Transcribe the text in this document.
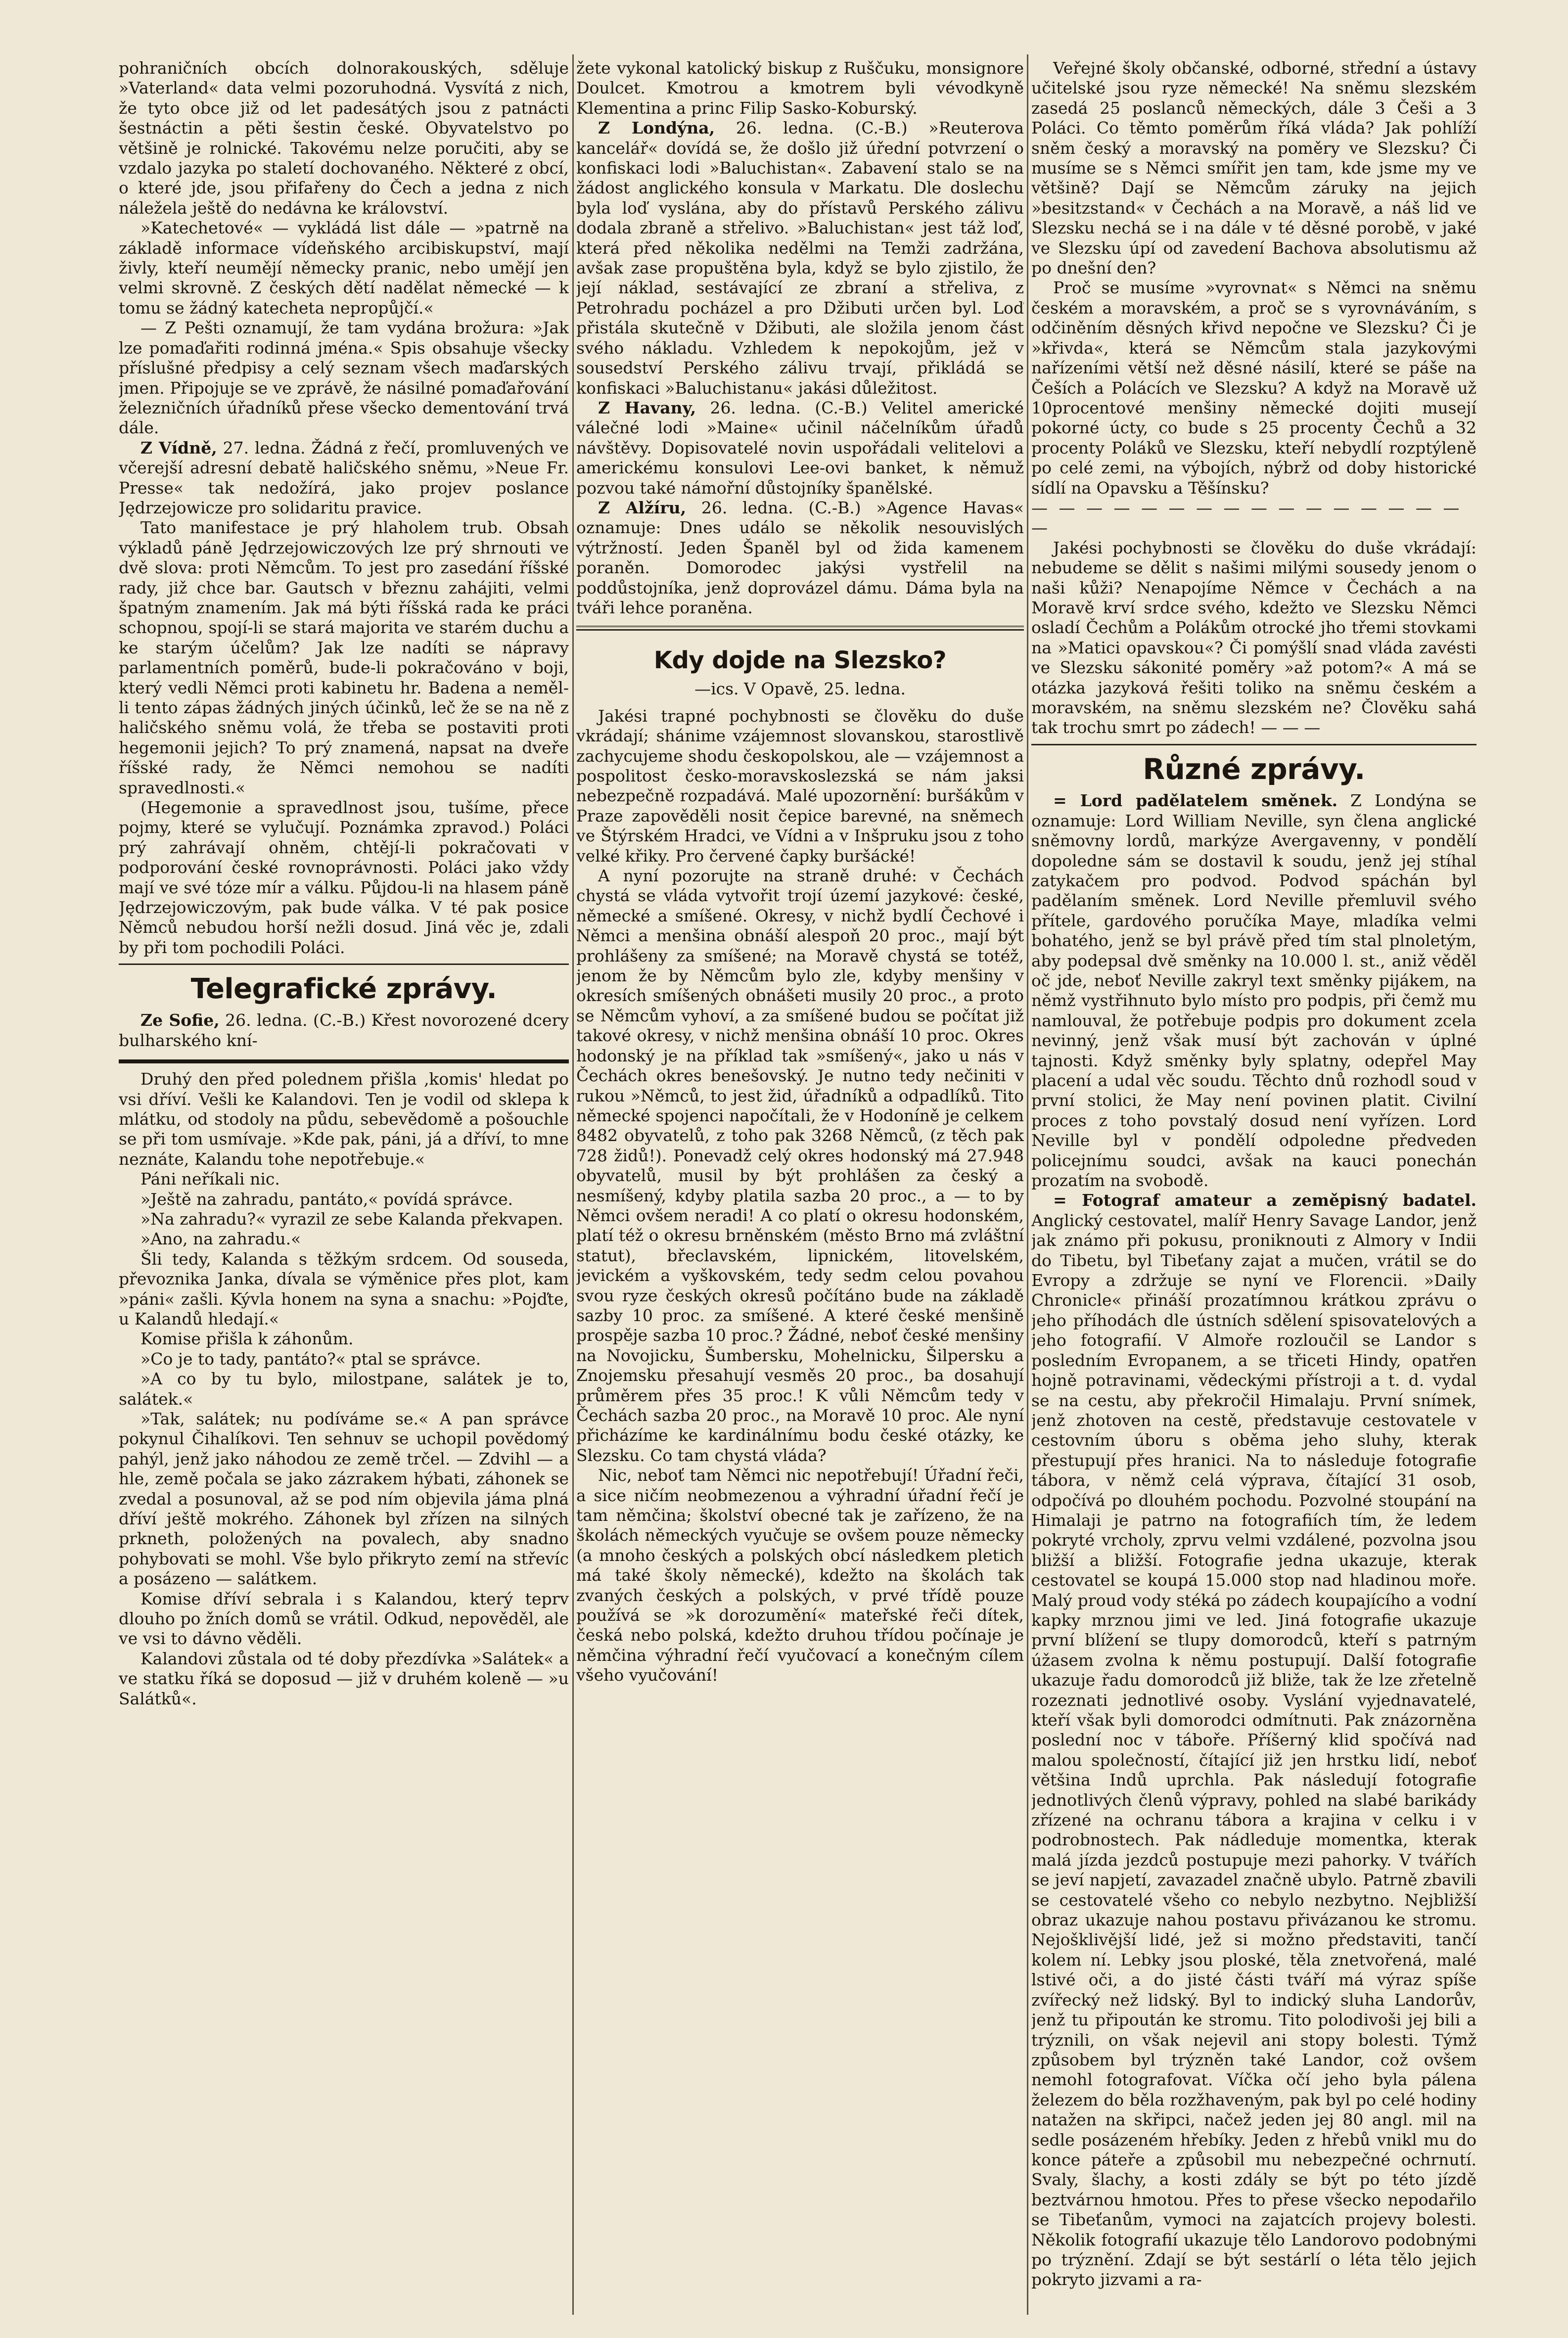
pohraničních obcích dolnorakouských, sděluje »Vaterland« data velmi pozoruhodná. Vysvítá z nich, že tyto obce již od let padesátých jsou z patnácti šestnáctin a pěti šestin české. Obyvatelstvo po většině je rolnické. Takovému nelze poručiti, aby se vzdalo jazyka po staletí dochovaného. Některé z obcí, o které jde, jsou přifařeny do Čech a jedna z nich náležela ještě do nedávna ke království.

»Katechetové« — vykládá list dále — »patrně na základě informace vídeňského arcibiskupství, mají živly, kteří neumějí německy pranic, nebo umějí jen velmi skrovně. Z českých dětí nadělat německé — k tomu se žádný katecheta nepropůjčí.«

— Z Pešti oznamují, že tam vydána brožura: »Jak lze pomaďařiti rodinná jména.« Spis obsahuje všecky příslušné předpisy a celý seznam všech maďarských jmen. Připojuje se ve zprávě, že násilné pomaďařování železničních úřadníků přese všecko dementování trvá dále.

Z Vídně, 27. ledna. Žádná z řečí, promluvených ve včerejší adresní debatě haličského sněmu, »Neue Fr. Presse« tak nedožírá, jako projev poslance Jędrzejowicze pro solidaritu pravice.

Tato manifestace je prý hlaholem trub. Obsah výkladů páně Jędrzejowiczových lze prý shrnouti ve dvě slova: proti Němcům. To jest pro zasedání říšské rady, již chce bar. Gautsch v březnu zahájiti, velmi špatným znamením. Jak má býti říšská rada ke práci schopnou, spojí-li se stará majorita ve starém duchu a ke starým účelům? Jak lze nadíti se nápravy parlamentních poměrů, bude-li pokračováno v boji, který vedli Němci proti kabinetu hr. Badena a neměl-li tento zápas žádných jiných účinků, leč že se na ně z haličského sněmu volá, že třeba se postaviti proti hegemonii jejich? To prý znamená, napsat na dveře říšské rady, že Němci nemohou se nadíti spravedlnosti.«

(Hegemonie a spravedlnost jsou, tušíme, přece pojmy, které se vylučují. Poznámka zpravod.) Poláci prý zahrávají ohněm, chtějí-li pokračovati v podporování české rovnoprávnosti. Poláci jako vždy mají ve své tóze mír a válku. Půjdou-li na hlasem páně Jędrzejowiczovým, pak bude válka. V té pak posice Němců nebudou horší nežli dosud. Jiná věc je, zdali by při tom pochodili Poláci.

Telegrafické zprávy.

Ze Sofie, 26. ledna. (C.-B.) Křest novorozené dcery bulharského kní-

Druhý den před polednem přišla ‚komis' hledat po vsi dříví. Vešli ke Kalandovi. Ten je vodil od sklepa k mlátku, od stodoly na půdu, sebevědomě a pošouchle se při tom usmívaje. »Kde pak, páni, já a dříví, to mne neznáte, Kalandu tohe nepotřebuje.«

Páni neříkali nic.

»Ještě na zahradu, pantáto,« povídá správce.

»Na zahradu?« vyrazil ze sebe Kalanda překvapen.

»Ano, na zahradu.«

Šli tedy, Kalanda s těžkým srdcem. Od souseda, převoznika Janka, dívala se výměnice přes plot, kam »páni« zašli. Kývla honem na syna a snachu: »Pojďte, u Kalandů hledají.«

Komise přišla k záhonům.

»Co je to tady, pantáto?« ptal se správce.

»A co by tu bylo, milostpane, salátek je to, salátek.«

»Tak, salátek; nu podíváme se.« A pan správce pokynul Čihalíkovi. Ten sehnuv se uchopil povědomý pahýl, jenž jako náhodou ze země trčel. — Zdvihl — a hle, země počala se jako zázrakem hýbati, záhonek se zvedal a posunoval, až se pod ním objevila jáma plná dříví ještě mokrého. Záhonek byl zřízen na silných prkneth, položených na povalech, aby snadno pohybovati se mohl. Vše bylo přikryto zemí na střevíc a posázeno — salátkem.

Komise dříví sebrala i s Kalandou, který teprv dlouho po žních domů se vrátil. Odkud, nepověděl, ale ve vsi to dávno věděli.

Kalandovi zůstala od té doby přezdívka »Salátek« a ve statku říká se doposud — již v druhém koleně — »u Salátků«.

žete vykonal katolický biskup z Ruščuku, monsignore Doulcet. Kmotrou a kmotrem byli vévodkyně Klementina a princ Filip Sasko-Koburský.

Z Londýna, 26. ledna. (C.-B.) »Reuterova kancelář« dovídá se, že došlo již úřední potvrzení o konfiskaci lodi »Baluchistan«. Zabavení stalo se na žádost anglického konsula v Markatu. Dle doslechu byla loď vyslána, aby do přístavů Perského zálivu dodala zbraně a střelivo. »Baluchistan« jest táž loď, která před několika nedělmi na Temži zadržána, avšak zase propuštěna byla, když se bylo zjistilo, že její náklad, sestávající ze zbraní a střeliva, z Petrohradu pocházel a pro Džibuti určen byl. Loď přistála skutečně v Džibuti, ale složila jenom část svého nákladu. Vzhledem k nepokojům, jež v sousedství Perského zálivu trvají, přikládá se konfiskaci »Baluchistanu« jakási důležitost.

Z Havany, 26. ledna. (C.-B.) Velitel americké válečné lodi »Maine« učinil náčelníkům úřadů návštěvy. Dopisovatelé novin uspořádali velitelovi a americkému konsulovi Lee-ovi banket, k němuž pozvou také námořní důstojníky španělské.

Z Alžíru, 26. ledna. (C.-B.) »Agence Havas« oznamuje: Dnes událo se několik nesouvislých výtržností. Jeden Španěl byl od žida kamenem poraněn. Domorodec jakýsi vystřelil na poddůstojníka, jenž doprovázel dámu. Dáma byla na tváři lehce poraněna.

Kdy dojde na Slezsko?

—ics. V Opavě, 25. ledna.

Jakési trapné pochybnosti se člověku do duše vkrádají; shánime vzájemnost slovanskou, starostlivě zachycujeme shodu českopolskou, ale — vzájemnost a pospolitost česko-moravskoslezská se nám jaksi nebezpečně rozpadává. Malé upozornění: buršákům v Praze zapověděli nosit čepice barevné, na sněmech ve Štýrském Hradci, ve Vídni a v Inšpruku jsou z toho velké křiky. Pro červené čapky buršácké!

A nyní pozorujte na straně druhé: v Čechách chystá se vláda vytvořit trojí území jazykové: české, německé a smíšené. Okresy, v nichž bydlí Čechové i Němci a menšina obnáší alespoň 20 proc., mají být prohlášeny za smíšené; na Moravě chystá se totéž, jenom že by Němcům bylo zle, kdyby menšiny v okresích smíšených obnášeti musily 20 proc., a proto se Němcům vyhoví, a za smíšené budou se počítat již takové okresy, v nichž menšina obnáší 10 proc. Okres hodonský je na příklad tak »smíšený«, jako u nás v Čechách okres benešovský. Je nutno tedy nečiniti v rukou »Němců, to jest žid, úřadníků a odpadlíků. Tito německé spojenci napočítali, že v Hodoníně je celkem 8482 obyvatelů, z toho pak 3268 Němců, (z těch pak 728 židů!). Ponevadž celý okres hodonský má 27.948 obyvatelů, musil by být prohlášen za český a nesmíšený, kdyby platila sazba 20 proc., a — to by Němci ovšem neradi! A co platí o okresu hodonském, platí též o okresu brněnském (město Brno má zvláštní statut), břeclavském, lipnickém, litovelském, jevickém a vyškovském, tedy sedm celou povahou svou ryze českých okresů počítáno bude na základě sazby 10 proc. za smíšené. A které české menšině prospěje sazba 10 proc.? Žádné, neboť české menšiny na Novojicku, Šumbersku, Mohelnicku, Šilpersku a Znojemsku přesahují vesměs 20 proc., ba dosahují průměrem přes 35 proc.! K vůli Němcům tedy v Čechách sazba 20 proc., na Moravě 10 proc. Ale nyní přicházíme ke kardinálnímu bodu české otázky, ke Slezsku. Co tam chystá vláda?

Nic, neboť tam Němci nic nepotřebují! Úřadní řeči, a sice ničím neobmezenou a výhradní úřadní řečí je tam němčina; školství obecné tak je zařízeno, že na školách německých vyučuje se ovšem pouze německy (a mnoho českých a polských obcí následkem pletich má také školy německé), kdežto na školách tak zvaných českých a polských, v prvé třídě pouze používá se »k dorozumění« mateřské řeči dítek, česká nebo polská, kdežto druhou třídou počínaje je němčina výhradní řečí vyučovací a konečným cílem všeho vyučování!

Veřejné školy občanské, odborné, střední a ústavy učitelské jsou ryze německé! Na sněmu slezském zasedá 25 poslanců německých, dále 3 Češi a 3 Poláci. Co těmto poměrům říká vláda? Jak pohlíží sněm český a moravský na poměry ve Slezsku? Či musíme se s Němci smířit jen tam, kde jsme my ve většině? Dají se Němcům záruky na jejich »besitzstand« v Čechách a na Moravě, a náš lid ve Slezsku nechá se i na dále v té děsné porobě, v jaké ve Slezsku úpí od zavedení Bachova absolutismu až po dnešní den?

Proč se musíme »vyrovnat« s Němci na sněmu českém a moravském, a proč se s vyrovnáváním, s odčiněním děsných křivd nepočne ve Slezsku? Či je »křivda«, která se Němcům stala jazykovými nařízeními větší než děsné násilí, které se páše na Češích a Polácích ve Slezsku? A když na Moravě už 10procentové menšiny německé dojiti musejí pokorné úcty, co bude s 25 procenty Čechů a 32 procenty Poláků ve Slezsku, kteří nebydlí rozptýleně po celé zemi, na výbojích, nýbrž od doby historické sídlí na Opavsku a Těšínsku?

— — — — — — — — — — — — — — — — —

Jakési pochybnosti se člověku do duše vkrádají: nebudeme se dělit s našimi milými sousedy jenom o naši kůži? Nenapojíme Němce v Čechách a na Moravě krví srdce svého, kdežto ve Slezsku Němci osladí Čechům a Polákům otrocké jho třemi stovkami na »Matici opavskou«? Či pomýšlí snad vláda zavésti ve Slezsku sákonité poměry »až potom?« A má se otázka jazyková řešiti toliko na sněmu českém a moravském, na sněmu slezském ne? Člověku sahá tak trochu smrt po zádech! — — —

Různé zprávy.

= Lord padělatelem směnek. Z Londýna se oznamuje: Lord William Neville, syn člena anglické sněmovny lordů, markýze Avergavenny, v pondělí dopoledne sám se dostavil k soudu, jenž jej stíhal zatykačem pro podvod. Podvod spáchán byl padělaním směnek. Lord Neville přemluvil svého přítele, gardového poručíka Maye, mladíka velmi bohatého, jenž se byl právě před tím stal plnoletým, aby podepsal dvě směnky na 10.000 l. st., aniž věděl oč jde, neboť Neville zakryl text směnky pijákem, na němž vystřihnuto bylo místo pro podpis, při čemž mu namlouval, že potřebuje podpis pro dokument zcela nevinný, jenž však musí být zachován v úplné tajnosti. Když směnky byly splatny, odepřel May placení a udal věc soudu. Těchto dnů rozhodl soud v první stolici, že May není povinen platit. Civilní proces z toho povstalý dosud není vyřízen. Lord Neville byl v pondělí odpoledne předveden policejnímu soudci, avšak na kauci ponechán prozatím na svobodě.

= Fotograf amateur a zeměpisný badatel. Anglický cestovatel, malíř Henry Savage Landor, jenž jak známo při pokusu, proniknouti z Almory v Indii do Tibetu, byl Tibeťany zajat a mučen, vrátil se do Evropy a zdržuje se nyní ve Florencii. »Daily Chronicle« přináší prozatímnou krátkou zprávu o jeho příhodách dle ústních sdělení spisovatelových a jeho fotografií. V Almoře rozloučil se Landor s posledním Evropanem, a se třiceti Hindy, opatřen hojně potravinami, vědeckými přístroji a t. d. vydal se na cestu, aby překročil Himalaju. První snímek, jenž zhotoven na cestě, představuje cestovatele v cestovním úboru s oběma jeho sluhy, kterak přestupují přes hranici. Na to následuje fotografie tábora, v němž celá výprava, čítající 31 osob, odpočívá po dlouhém pochodu. Pozvolné stoupání na Himalaji je patrno na fotografiích tím, že ledem pokryté vrcholy, zprvu velmi vzdálené, pozvolna jsou bližší a bližší. Fotografie jedna ukazuje, kterak cestovatel se koupá 15.000 stop nad hladinou moře. Malý proud vody stéká po zádech koupajícího a vodní kapky mrznou jimi ve led. Jiná fotografie ukazuje první blížení se tlupy domorodců, kteří s patrným úžasem zvolna k němu postupují. Další fotografie ukazuje řadu domorodců již bliže, tak že lze zřetelně rozeznati jednotlivé osoby. Vyslání vyjednavatelé, kteří však byli domorodci odmítnuti. Pak znázorněna poslední noc v táboře. Příšerný klid spočívá nad malou společností, čítající již jen hrstku lidí, neboť většina Indů uprchla. Pak následují fotografie jednotlivých členů výpravy, pohled na slabé barikády zřízené na ochranu tábora a krajina v celku i v podrobnostech. Pak nádleduje momentka, kterak malá jízda jezdců postupuje mezi pahorky. V tvářích se jeví napjetí, zavazadel značně ubylo. Patrně zbavili se cestovatelé všeho co nebylo nezbytno. Nejbližší obraz ukazuje nahou postavu přivázanou ke stromu. Nejošklivější lidé, jež si možno představiti, tančí kolem ní. Lebky jsou ploské, těla znetvořená, malé lstivé oči, a do jisté části tváří má výraz spíše zvířecký než lidský. Byl to indický sluha Landorův, jenž tu připoután ke stromu. Tito polodivoši jej bili a trýznili, on však nejevil ani stopy bolesti. Týmž způsobem byl trýzněn také Landor, což ovšem nemohl fotografovat. Víčka očí jeho byla pálena železem do běla rozžhaveným, pak byl po celé hodiny natažen na skřipci, načež jeden jej 80 angl. mil na sedle posázeném hřebíky. Jeden z hřebů vnikl mu do konce páteře a způsobil mu nebezpečné ochrnutí. Svaly, šlachy, a kosti zdály se být po této jízdě beztvárnou hmotou. Přes to přese všecko nepodařilo se Tibeťanům, vymoci na zajatcích projevy bolesti. Několik fotografií ukazuje tělo Landorovo podobnými po trýznění. Zdají se být sestárlí o léta tělo jejich pokryto jizvami a ra-
